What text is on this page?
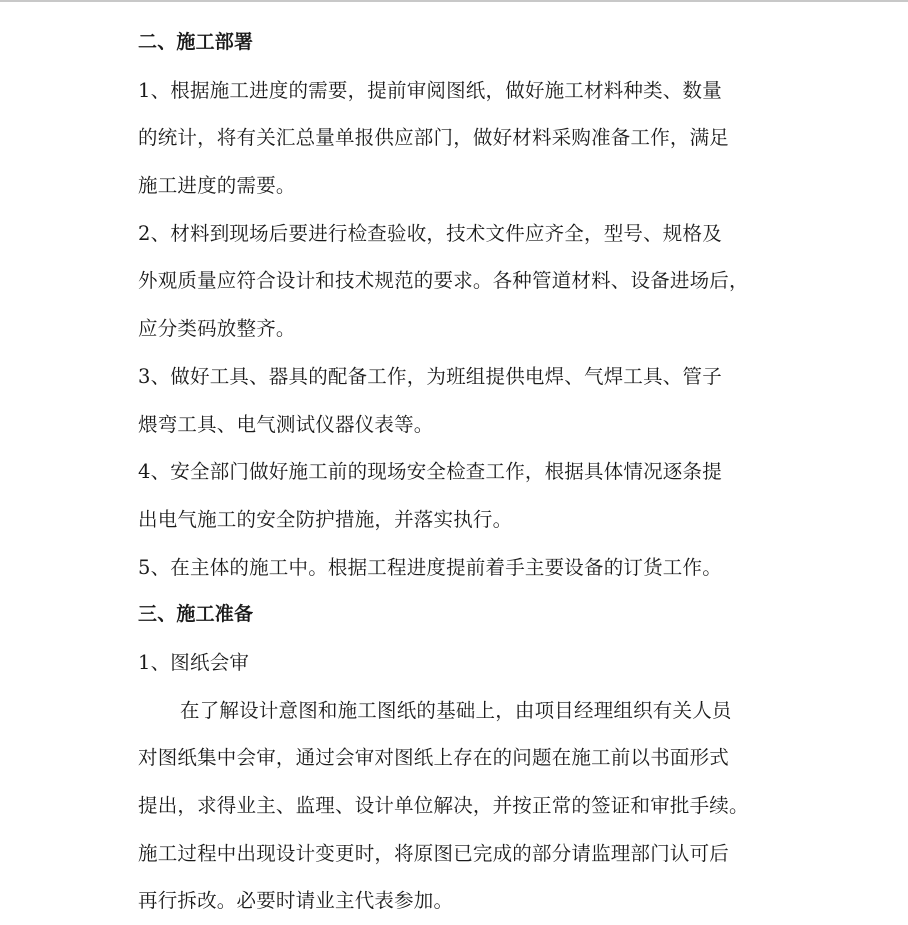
二、施工部署
1、根据施工进度的需要，提前审阅图纸，做好施工材料种类、数量
的统计，将有关汇总量单报供应部门，做好材料采购准备工作，满足
施工进度的需要。
2、材料到现场后要进行检查验收，技术文件应齐全，型号、规格及
外观质量应符合设计和技术规范的要求。各种管道材料、设备进场后，
应分类码放整齐。
3、做好工具、器具的配备工作，为班组提供电焊、气焊工具、管子
煨弯工具、电气测试仪器仪表等。
4、安全部门做好施工前的现场安全检查工作，根据具体情况逐条提
出电气施工的安全防护措施，并落实执行。
5、在主体的施工中。根据工程进度提前着手主要设备的订货工作。
三、施工准备
1、图纸会审
在了解设计意图和施工图纸的基础上，由项目经理组织有关人员
对图纸集中会审，通过会审对图纸上存在的问题在施工前以书面形式
提出，求得业主、监理、设计单位解决，并按正常的签证和审批手续。
施工过程中出现设计变更时，将原图已完成的部分请监理部门认可后
再行拆改。必要时请业主代表参加。
